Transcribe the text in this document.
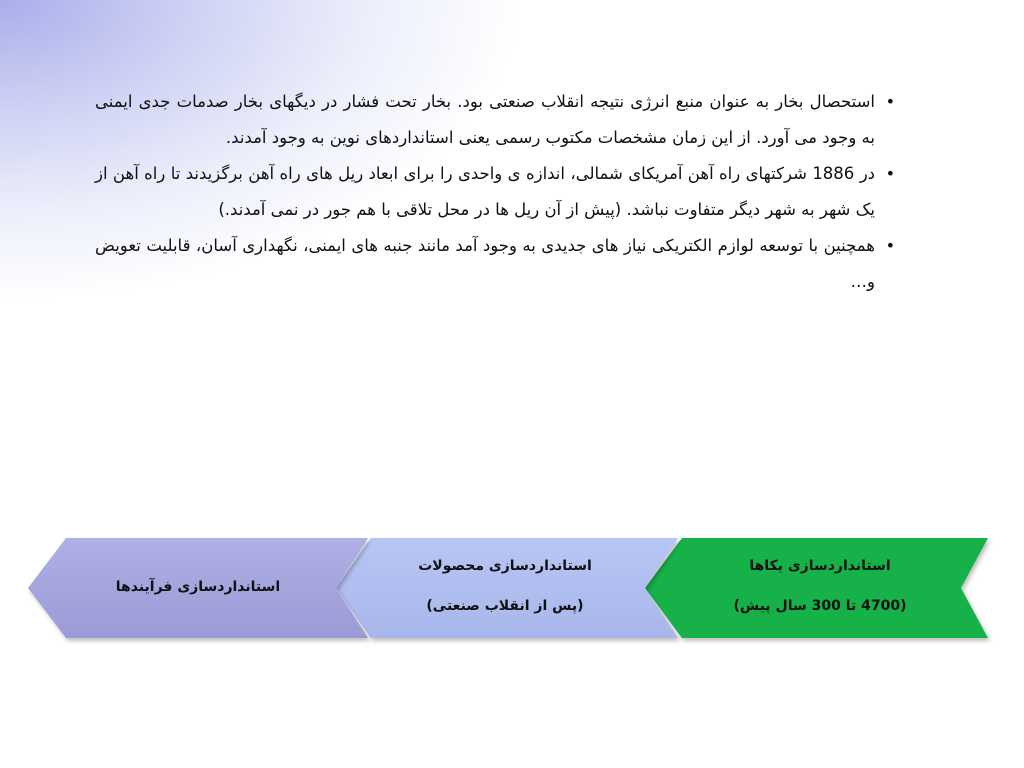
•
استحصال بخار به عنوان منبع انرژی نتیجه انقلاب صنعتی بود. بخار تحت فشار در دیگهای بخار صدمات جدی ایمنی به وجود می آورد. از این زمان مشخصات مکتوب رسمی یعنی استانداردهای نوین به وجود آمدند.
•
در 1886 شرکتهای راه آهن آمریکای شمالی، اندازه ی واحدی را برای ابعاد ریل های راه آهن برگزیدند تا راه آهن از یک شهر به شهر دیگر متفاوت نباشد. (پیش از آن ریل ها در محل تلاقی با هم جور در نمی آمدند.)
•
همچنین با توسعه لوازم الکتریکی نیاز های جدیدی به وجود آمد مانند جنبه های ایمنی، نگهداری آسان، قابلیت تعویض و…
استانداردسازی یکاها
(4700 تا 300 سال پیش)
استانداردسازی محصولات
(پس از انقلاب صنعتی)
استانداردسازی فرآیندها
